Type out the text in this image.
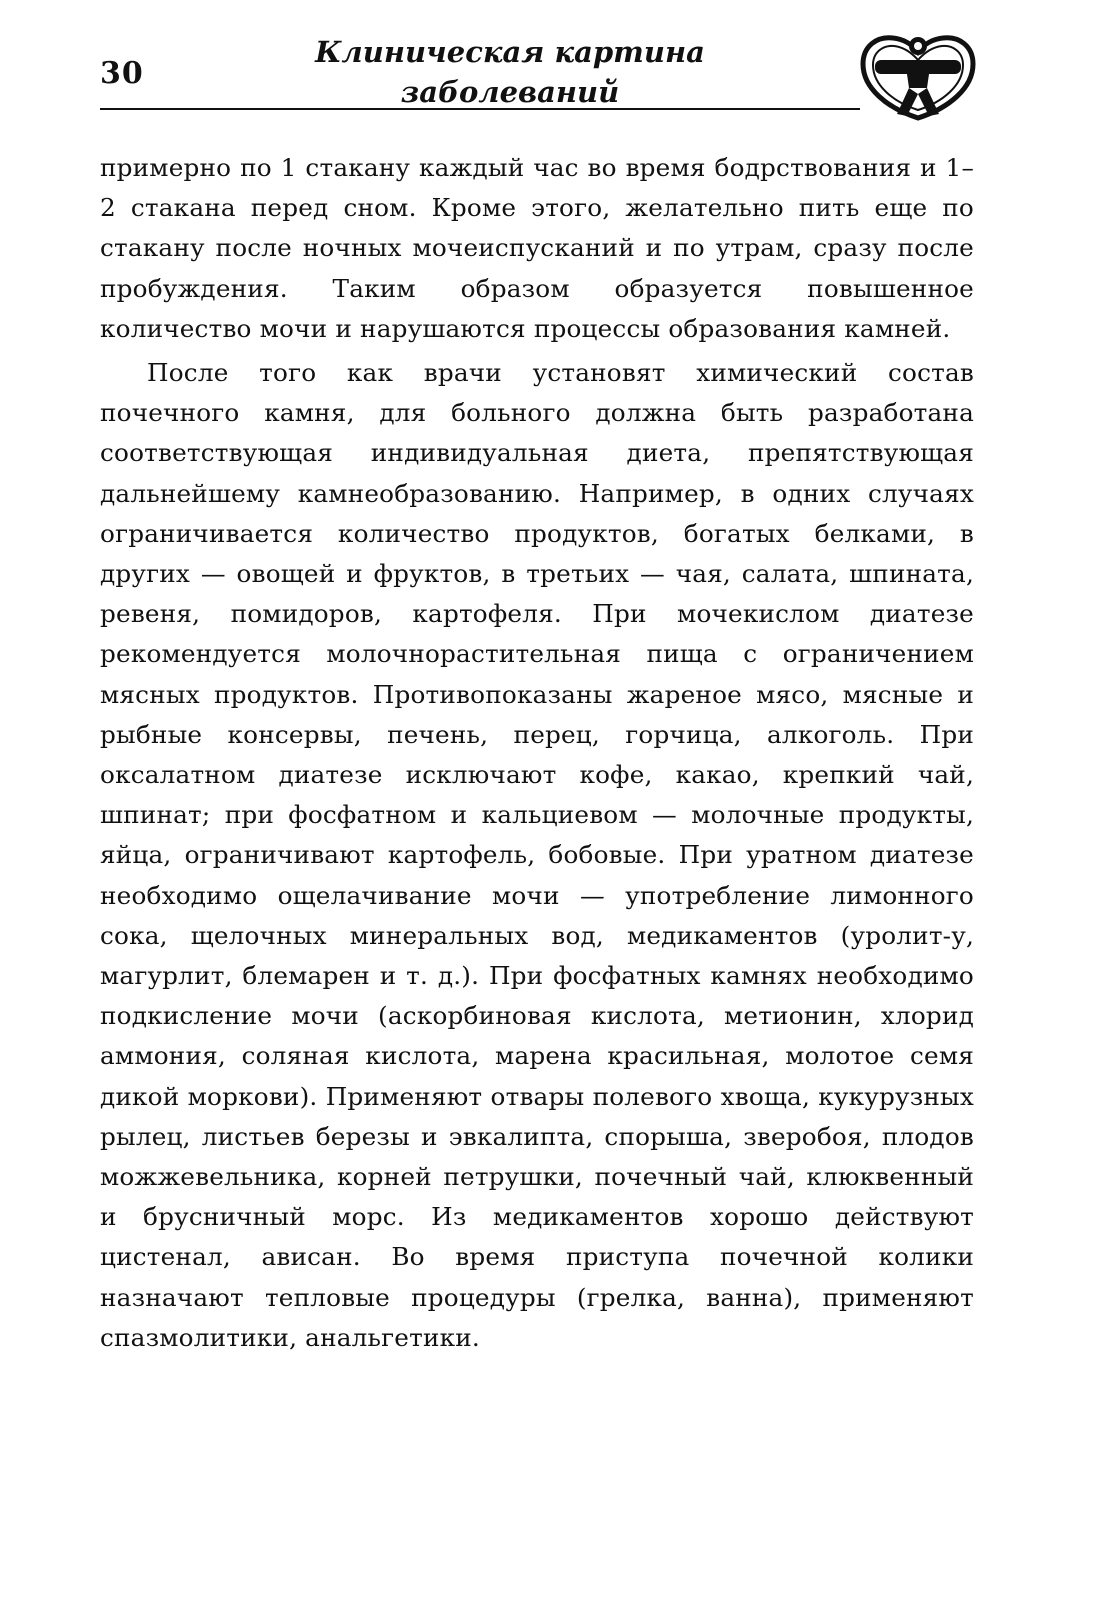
30
Клиническая картина
заболеваний

примерно по 1 стакану каждый час во время бодрствования и 1–2 стакана перед сном. Кроме этого, желательно пить еще по стакану после ночных мочеиспусканий и по утрам, сразу после пробуждения. Таким образом образуется повышенное количество мочи и нарушаются процессы образования камней.

После того как врачи установят химический состав почечного камня, для больного должна быть разработана соответствующая индивидуальная диета, препятствующая дальнейшему камнеобразованию. Например, в одних случаях ограничивается количество продуктов, богатых белками, в других — овощей и фруктов, в третьих — чая, салата, шпината, ревеня, помидоров, картофеля. При мочекислом диатезе рекомендуется молочнорастительная пища с ограничением мясных продуктов. Противопоказаны жареное мясо, мясные и рыбные консервы, печень, перец, горчица, алкоголь. При оксалатном диатезе исключают кофе, какао, крепкий чай, шпинат; при фосфатном и кальциевом — молочные продукты, яйца, ограничивают картофель, бобовые. При уратном диатезе необходимо ощелачивание мочи — употребление лимонного сока, щелочных минеральных вод, медикаментов (уролит-у, магурлит, блемарен и т. д.). При фосфатных камнях необходимо подкисление мочи (аскорбиновая кислота, метионин, хлорид аммония, соляная кислота, марена красильная, молотое семя дикой моркови). Применяют отвары полевого хвоща, кукурузных рылец, листьев березы и эвкалипта, спорыша, зверобоя, плодов можжевельника, корней петрушки, почечный чай, клюквенный и брусничный морс. Из медикаментов хорошо действуют цистенал, ависан. Во время приступа почечной колики назначают тепловые процедуры (грелка, ванна), применяют спазмолитики, анальгетики.
